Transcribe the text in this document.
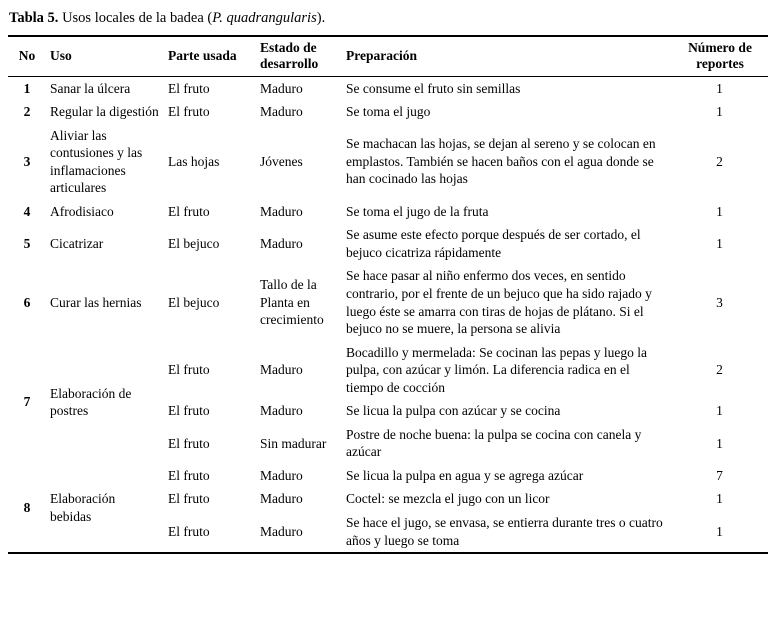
Tabla 5. Usos locales de la badea (P. quadrangularis).

No	Uso	Parte usada	Estado de desarrollo	Preparación	Número de reportes
1	Sanar la úlcera	El fruto	Maduro	Se consume el fruto sin semillas	1
2	Regular la digestión	El fruto	Maduro	Se toma el jugo	1
3	Aliviar las contusiones y las inflamaciones articulares	Las hojas	Jóvenes	Se machacan las hojas, se dejan al sereno y se colocan en emplastos. También se hacen baños con el agua donde se han cocinado las hojas	2
4	Afrodisiaco	El fruto	Maduro	Se toma el jugo de la fruta	1
5	Cicatrizar	El bejuco	Maduro	Se asume este efecto porque después de ser cortado, el bejuco cicatriza rápidamente	1
6	Curar las hernias	El bejuco	Tallo de la Planta en crecimiento	Se hace pasar al niño enfermo dos veces, en sentido contrario, por el frente de un bejuco que ha sido rajado y luego éste se amarra con tiras de hojas de plátano. Si el bejuco no se muere, la persona se alivia	3
7	Elaboración de postres	El fruto	Maduro	Bocadillo y mermelada: Se cocinan las pepas y luego la pulpa, con azúcar y limón. La diferencia radica en el tiempo de cocción	2
		El fruto	Maduro	Se licua la pulpa con azúcar y se cocina	1
		El fruto	Sin madurar	Postre de noche buena: la pulpa se cocina con canela y azúcar	1
8	Elaboración bebidas	El fruto	Maduro	Se licua la pulpa en agua y se agrega azúcar	7
		El fruto	Maduro	Coctel: se mezcla el jugo con un licor	1
		El fruto	Maduro	Se hace el jugo, se envasa, se entierra durante tres o cuatro años y luego se toma	1
